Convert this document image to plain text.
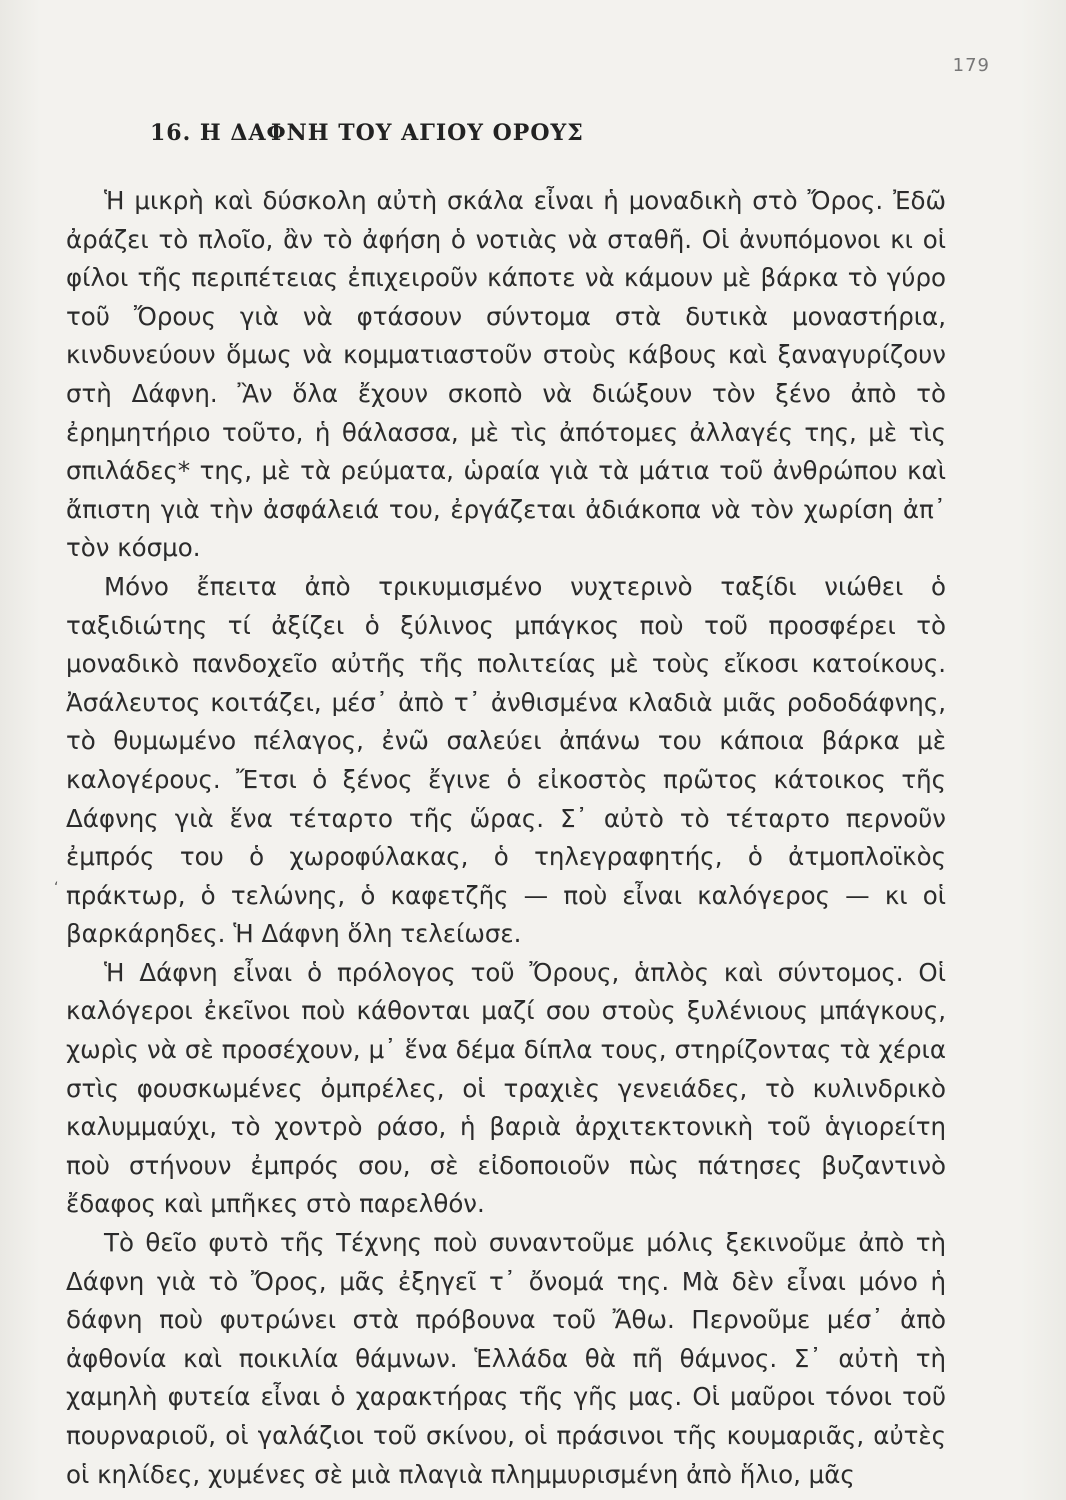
179
16. Η ΔΑΦΝΗ ΤΟΥ ΑΓΙΟΥ ΟΡΟΥΣ
‘

Ἡ μικρὴ καὶ δύσκολη αὐτὴ σκάλα εἶναι ἡ μοναδικὴ στὸ Ὄρος. Ἐδῶ ἀράζει τὸ πλοῖο, ἂν τὸ ἀφήση ὁ νοτιὰς νὰ σταθῆ. Οἱ ἀνυπόμονοι κι οἱ φίλοι τῆς περιπέτειας ἐπιχειροῦν κάποτε νὰ κάμουν μὲ βάρκα τὸ γύρο τοῦ Ὄρους γιὰ νὰ φτάσουν σύντομα στὰ δυτικὰ μοναστήρια, κινδυνεύουν ὅμως νὰ κομματιαστοῦν στοὺς κάβους καὶ ξαναγυρίζουν στὴ Δάφνη. Ἂν ὅλα ἔχουν σκοπὸ νὰ διώξουν τὸν ξένο ἀπὸ τὸ ἐρημητήριο τοῦτο, ἡ θάλασσα, μὲ τὶς ἀπότομες ἀλλαγές της, μὲ τὶς σπιλάδες* της, μὲ τὰ ρεύματα, ὡραία γιὰ τὰ μάτια τοῦ ἀνθρώπου καὶ ἄπιστη γιὰ τὴν ἀσφάλειά του, ἐργάζεται ἀδιάκοπα νὰ τὸν χωρίση ἀπ᾽ τὸν κόσμο.

Μόνο ἔπειτα ἀπὸ τρικυμισμένο νυχτερινὸ ταξίδι νιώθει ὁ ταξιδιώτης τί ἀξίζει ὁ ξύλινος μπάγκος ποὺ τοῦ προσφέρει τὸ μοναδικὸ πανδοχεῖο αὐτῆς τῆς πολιτείας μὲ τοὺς εἴκοσι κατοίκους. Ἀσάλευτος κοιτάζει, μέσ᾽ ἀπὸ τ᾽ ἀνθισμένα κλαδιὰ μιᾶς ροδοδάφνης, τὸ θυμωμένο πέλαγος, ἐνῶ σαλεύει ἀπάνω του κάποια βάρκα μὲ καλογέρους. Ἔτσι ὁ ξένος ἔγινε ὁ εἰκοστὸς πρῶτος κάτοικος τῆς Δάφνης γιὰ ἕνα τέταρτο τῆς ὥρας. Σ᾽ αὐτὸ τὸ τέταρτο περνοῦν ἐμπρός του ὁ χωροφύλακας, ὁ τηλεγραφητής, ὁ ἀτμοπλοϊκὸς πράκτωρ, ὁ τελώνης, ὁ καφετζῆς — ποὺ εἶναι καλόγερος — κι οἱ βαρκάρηδες. Ἡ Δάφνη ὅλη τελείωσε.

Ἡ Δάφνη εἶναι ὁ πρόλογος τοῦ Ὄρους, ἁπλὸς καὶ σύντομος. Οἱ καλόγεροι ἐκεῖνοι ποὺ κάθονται μαζί σου στοὺς ξυλένιους μπάγκους, χωρὶς νὰ σὲ προσέχουν, μ᾽ ἕνα δέμα δίπλα τους, στηρίζοντας τὰ χέρια στὶς φουσκωμένες ὀμπρέλες, οἱ τραχιὲς γενειάδες, τὸ κυλινδρικὸ καλυμμαύχι, τὸ χοντρὸ ράσο, ἡ βαριὰ ἀρχιτεκτονικὴ τοῦ ἁγιορείτη ποὺ στήνουν ἐμπρός σου, σὲ εἰδοποιοῦν πὼς πάτησες βυζαντινὸ ἔδαφος καὶ μπῆκες στὸ παρελθόν.

Τὸ θεῖο φυτὸ τῆς Τέχνης ποὺ συναντοῦμε μόλις ξεκινοῦμε ἀπὸ τὴ Δάφνη γιὰ τὸ Ὄρος, μᾶς ἐξηγεῖ τ᾽ ὄνομά της. Μὰ δὲν εἶναι μόνο ἡ δάφνη ποὺ φυτρώνει στὰ πρόβουνα τοῦ Ἄθω. Περνοῦμε μέσ᾽ ἀπὸ ἀφθονία καὶ ποικιλία θάμνων. Ἑλλάδα θὰ πῆ θάμνος. Σ᾽ αὐτὴ τὴ χαμηλὴ φυτεία εἶναι ὁ χαρακτήρας τῆς γῆς μας. Οἱ μαῦροι τόνοι τοῦ πουρναριοῦ, οἱ γαλάζιοι τοῦ σκίνου, οἱ πράσινοι τῆς κουμαριᾶς, αὐτὲς οἱ κηλίδες, χυμένες σὲ μιὰ πλαγιὰ πλημμυρισμένη ἀπὸ ἥλιο, μᾶς
